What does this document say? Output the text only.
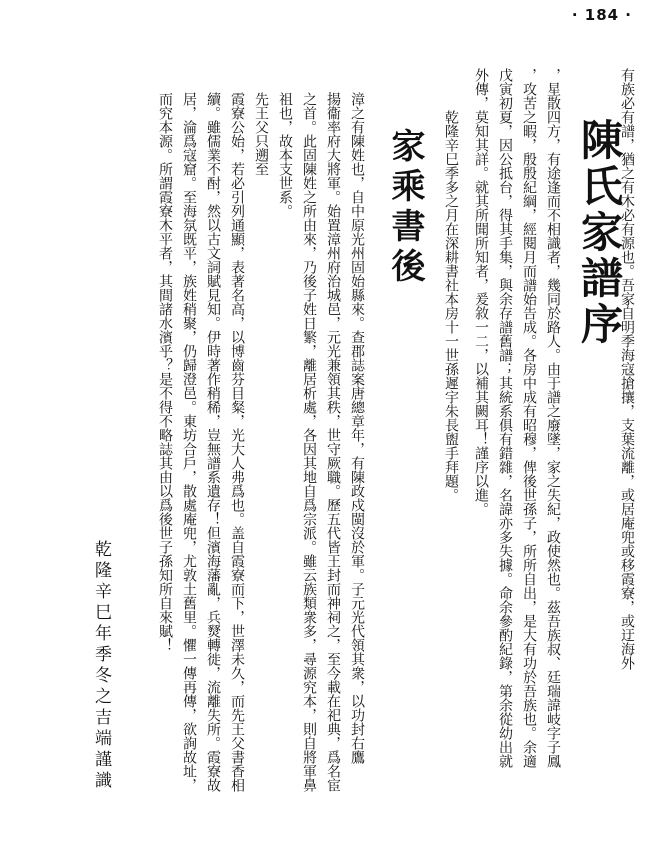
· 184 ·
陳氏家譜序
有族必有譜，猶之有木必有源也。吾家自明季海寇搶攘，支葉流離，或居庵兜或移霞寮，或迂海外
，星散四方，有途逢而不相識者，幾同於路人。由于譜之廢墜，家之失紀，政使然也。茲吾族叔、廷瑞諱岐字子鳳
，攻苦之暇，殷殷紀綱，經閱月而譜始告成。各房中成有昭穆，俾後世孫子，所所自出，是大有功於吾族也。余適
戊寅初夏，因公抵台，得其手集，與余存譜舊譜；其統系俱有錯雜，名諱亦多失據。命余參酌紀錄，第余從幼出就
外傳，莫知其詳。就其所聞所知者，爰敘一二，以補其闕耳！謹序以進。
乾隆辛巳季多之月在深耕書社本房十一世孫遲宇朱長盥手拜題。
家乘書後
漳之有陳姓也，自中原光州固始縣來。查郡誌案唐總章年，有陳政戍閩沒於軍。子元光代領其衆，以功封右鷹
揚衞率府大將軍。始置漳州府治城邑，元光兼領其秩，世守厥職。歷五代皆王封而神祠之，至今載在祀典，爲名宦
之首。此固陳姓之所由來，乃後子姓日繁，離居析處，各因其地自爲宗派。雖云族類衆多，尋源究本，則自將軍鼻
祖也，故本支世系。
先王父只遡至
霞寮公始，若必引列通顯，表著名高，以博齒芬目粲，光大人弗爲也。盖自霞寮而下，世澤未久，而先王父書香相
續。雖儒業不酎，然以古文詞賦見知。伊時著作稍稀，豈無譜系遺存！但濱海藩亂，兵燹轉徙，流離失所。霞寮故
居，淪爲寇窟。至海氛既平，族姓稍聚，仍歸澄邑。東坊合戶，散處庵兜，尤敦土舊里。懼一傳再傳，欲詢故址，
而究本源。所謂霞寮木平者，其間諸水濱乎？是不得不略誌其由以爲後世子孫知所自來賦！
乾隆辛巳年季冬之吉端謹識
